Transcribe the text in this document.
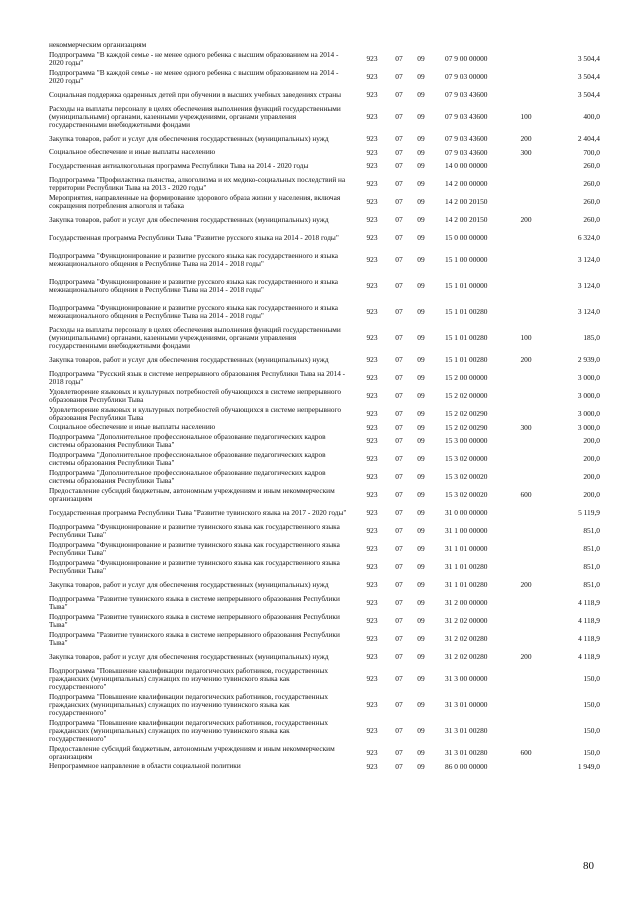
некоммерческим организациям
Подпрограмма "В каждой семье - не менее одного ребенка с высшим образованием на 2014 - 2020 годы"	923 07 09	07 9 00 00000	3 504,4
Подпрограмма "В каждой семье - не менее одного ребенка с высшим образованием на 2014 - 2020 годы"	923 07 09	07 9 03 00000	3 504,4
Социальная поддержка одаренных детей при обучении в высших учебных заведениях страны	923 07 09	07 9 03 43600	3 504,4
Расходы на выплаты персоналу в целях обеспечения выполнения функций государственными (муниципальными) органами, казенными учреждениями, органами управления государственными внебюджетными фондами
923 07 09	07 9 03 43600	100	400,0
Закупка товаров, работ и услуг для обеспечения государственных (муниципальных) нужд	923 07 09	07 9 03 43600	200	2 404,4
Социальное обеспечение и иные выплаты населению	923 07 09	07 9 03 43600	300	700,0
Государственная антиалкогольная программа Республики Тыва на 2014 - 2020 годы	923 07 09	14 0 00 00000	260,0
Подпрограмма "Профилактика пьянства, алкоголизма и их медико-социальных последствий на территории Республики Тыва на 2013 - 2020 годы"	923 07 09	14 2 00 00000	260,0
Мероприятия, направленные на формирование здорового образа жизни у населения, включая сокращения потребления алкоголя и табака	923 07 09	14 2 00 20150	260,0
Закупка товаров, работ и услуг для обеспечения государственных (муниципальных) нужд	923 07 09	14 2 00 20150	200	260,0
Государственная программа Республики Тыва "Развитие русского языка на 2014 - 2018 годы"	923 07 09	15 0 00 00000	6 324,0
Подпрограмма "Функционирование и развитие русского языка как государственного и языка межнационального общения в Республике Тыва на 2014 - 2018 годы"	923 07 09	15 1 00 00000	3 124,0
Подпрограмма "Функционирование и развитие русского языка как государственного и языка межнационального общения в Республике Тыва на 2014 - 2018 годы"	923 07 09	15 1 01 00000	3 124,0
Подпрограмма "Функционирование и развитие русского языка как государственного и языка межнационального общения в Республике Тыва на 2014 - 2018 годы"	923 07 09	15 1 01 00280	3 124,0
Расходы на выплаты персоналу в целях обеспечения выполнения функций государственными (муниципальными) органами, казенными учреждениями, органами управления государственными внебюджетными фондами
923 07 09	15 1 01 00280	100	185,0
Закупка товаров, работ и услуг для обеспечения государственных (муниципальных) нужд	923 07 09	15 1 01 00280	200	2 939,0
Подпрограмма "Русский язык в системе непрерывного образования Республики Тыва на 2014 - 2018 годы"	923 07 09	15 2 00 00000	3 000,0
Удовлетворение языковых и культурных потребностей обучающихся в системе непрерывного образования Республики Тыва	923 07 09	15 2 02 00000	3 000,0
Удовлетворение языковых и культурных потребностей обучающихся в системе непрерывного образования Республики Тыва	923 07 09	15 2 02 00290	3 000,0
Социальное обеспечение и иные выплаты населению	923 07 09	15 2 02 00290	300	3 000,0
Подпрограмма "Дополнительное профессиональное образование педагогических кадров системы образования Республики Тыва"	923 07 09	15 3 00 00000	200,0
Подпрограмма "Дополнительное профессиональное образование педагогических кадров системы образования Республики Тыва"	923 07 09	15 3 02 00000	200,0
Подпрограмма "Дополнительное профессиональное образование педагогических кадров системы образования Республики Тыва"	923 07 09	15 3 02 00020	200,0
Предоставление субсидий бюджетным, автономным учреждениям и иным некоммерческим организациям	923 07 09	15 3 02 00020	600	200,0
Государственная программа Республики Тыва "Развитие тувинского языка на 2017 - 2020 годы"	923 07 09	31 0 00 00000	5 119,9
Подпрограмма "Функционирование и развитие тувинского языка как государственного языка Республики Тыва"	923 07 09	31 1 00 00000	851,0
Подпрограмма "Функционирование и развитие тувинского языка как государственного языка Республики Тыва"	923 07 09	31 1 01 00000	851,0
Подпрограмма "Функционирование и развитие тувинского языка как государственного языка Республики Тыва"	923 07 09	31 1 01 00280	851,0
Закупка товаров, работ и услуг для обеспечения государственных (муниципальных) нужд	923 07 09	31 1 01 00280	200	851,0
Подпрограмма "Развитие тувинского языка в системе непрерывного образования Республики Тыва"	923 07 09	31 2 00 00000	4 118,9
Подпрограмма "Развитие тувинского языка в системе непрерывного образования Республики Тыва"	923 07 09	31 2 02 00000	4 118,9
Подпрограмма "Развитие тувинского языка в системе непрерывного образования Республики Тыва"	923 07 09	31 2 02 00280	4 118,9
Закупка товаров, работ и услуг для обеспечения государственных (муниципальных) нужд	923 07 09	31 2 02 00280	200	4 118,9
Подпрограмма "Повышение квалификации педагогических работников, государственных гражданских (муниципальных) служащих по изучению тувинского языка как государственного"
923 07 09	31 3 00 00000	150,0
Подпрограмма "Повышение квалификации педагогических работников, государственных гражданских (муниципальных) служащих по изучению тувинского языка как государственного"
923 07 09	31 3 01 00000	150,0
Подпрограмма "Повышение квалификации педагогических работников, государственных гражданских (муниципальных) служащих по изучению тувинского языка как государственного"
923 07 09	31 3 01 00280	150,0
Предоставление субсидий бюджетным, автономным учреждениям и иным некоммерческим организациям	923 07 09	31 3 01 00280	600	150,0
Непрограммное направление в области социальной политики	923 07 09	86 0 00 00000	1 949,0
80
